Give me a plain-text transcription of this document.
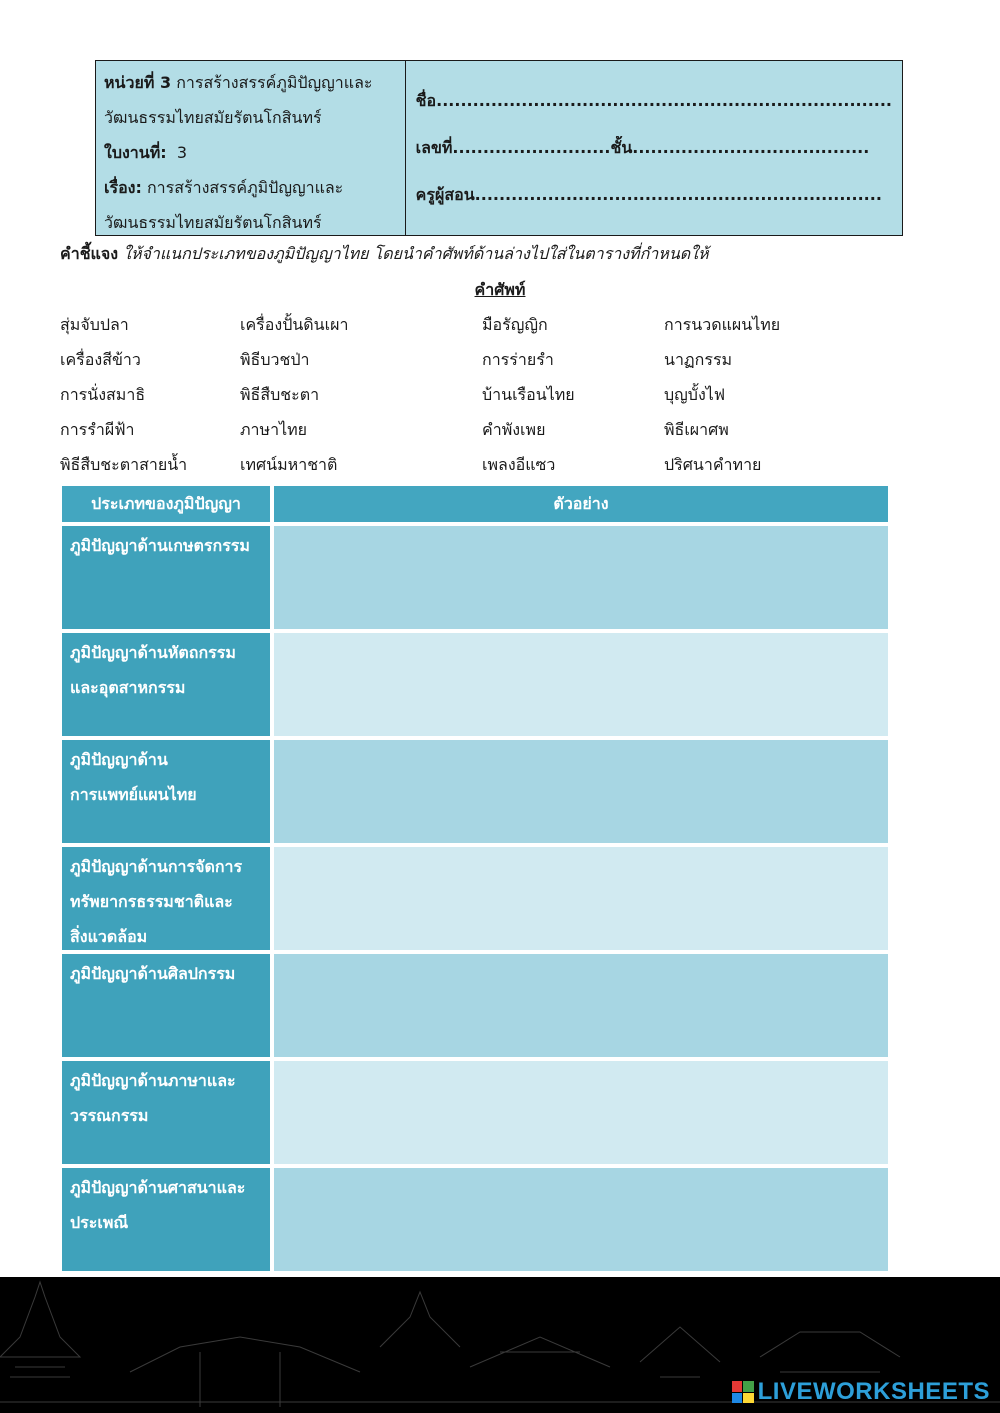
หน่วยที่ 3 การสร้างสรรค์ภูมิปัญญาและวัฒนธรรมไทยสมัยรัตนโกสินทร์
ใบงานที่: 3
เรื่อง: การสร้างสรรค์ภูมิปัญญาและวัฒนธรรมไทยสมัยรัตนโกสินทร์
ชื่อ...........................................................................
เลขที่..........................ชั้น.......................................
ครูผู้สอน...................................................................
คำชี้แจง ให้จำแนกประเภทของภูมิปัญญาไทย โดยนำคำศัพท์ด้านล่างไปใส่ในตารางที่กำหนดให้
คำศัพท์
สุ่มจับปลา	เครื่องปั้นดินเผา	มือรัญญิก	การนวดแผนไทย
เครื่องสีข้าว	พิธีบวชป่า	การร่ายรำ	นาฏกรรม
การนั่งสมาธิ	พิธีสืบชะตา	บ้านเรือนไทย	บุญบั้งไฟ
การรำผีฟ้า	ภาษาไทย	คำพังเพย	พิธีเผาศพ
พิธีสืบชะตาสายน้ำ	เทศน์มหาชาติ	เพลงอีแซว	ปริศนาคำทาย
ประเภทของภูมิปัญญา	ตัวอย่าง
ภูมิปัญญาด้านเกษตรกรรม
ภูมิปัญญาด้านหัตถกรรม
และอุตสาหกรรม
ภูมิปัญญาด้าน
การแพทย์แผนไทย
ภูมิปัญญาด้านการจัดการ
ทรัพยากรธรรมชาติและ
สิ่งแวดล้อม
ภูมิปัญญาด้านศิลปกรรม
ภูมิปัญญาด้านภาษาและ
วรรณกรรม
ภูมิปัญญาด้านศาสนาและ
ประเพณี
LIVEWORKSHEETS
